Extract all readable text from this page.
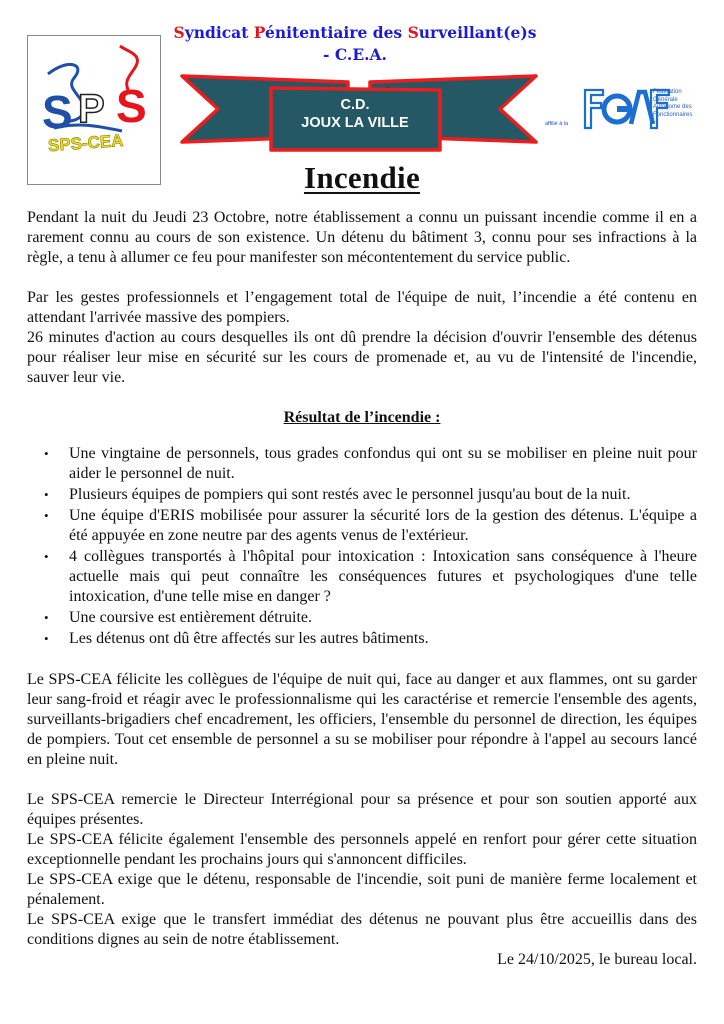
S P S
SPS-CEA
Syndicat Pénitentiaire des Surveillant(e)s
- C.E.A.
C.D.
JOUX LA VILLE	affilié à la
Fédération
Générale
Autonome des
Fonctionnaires
Incendie

Pendant la nuit du Jeudi 23 Octobre, notre établissement a connu un puissant incendie comme il en a rarement connu au cours de son existence. Un détenu du bâtiment 3, connu pour ses infractions à la règle, a tenu à allumer ce feu pour manifester son mécontentement du service public.

Par les gestes professionnels et l’engagement total de l'équipe de nuit, l’incendie a été contenu en attendant l'arrivée massive des pompiers.

26 minutes d'action au cours desquelles ils ont dû prendre la décision d'ouvrir l'ensemble des détenus pour réaliser leur mise en sécurité sur les cours de promenade et, au vu de l'intensité de l'incendie, sauver leur vie.

Résultat de l’incendie :

• Une vingtaine de personnels, tous grades confondus qui ont su se mobiliser en pleine nuit pour aider le personnel de nuit.
• Plusieurs équipes de pompiers qui sont restés avec le personnel jusqu'au bout de la nuit.
• Une équipe d'ERIS mobilisée pour assurer la sécurité lors de la gestion des détenus. L'équipe a été appuyée en zone neutre par des agents venus de l'extérieur.
• 4 collègues transportés à l'hôpital pour intoxication : Intoxication sans conséquence à l'heure actuelle mais qui peut connaître les conséquences futures et psychologiques d'une telle intoxication, d'une telle mise en danger ?
• Une coursive est entièrement détruite.
• Les détenus ont dû être affectés sur les autres bâtiments.

Le SPS-CEA félicite les collègues de l'équipe de nuit qui, face au danger et aux flammes, ont su garder leur sang-froid et réagir avec le professionnalisme qui les caractérise et remercie l'ensemble des agents, surveillants-brigadiers chef encadrement, les officiers, l'ensemble du personnel de direction, les équipes de pompiers. Tout cet ensemble de personnel a su se mobiliser pour répondre à l'appel au secours lancé en pleine nuit.

Le SPS-CEA remercie le Directeur Interrégional pour sa présence et pour son soutien apporté aux équipes présentes.

Le SPS-CEA félicite également l'ensemble des personnels appelé en renfort pour gérer cette situation exceptionnelle pendant les prochains jours qui s'annoncent difficiles.

Le SPS-CEA exige que le détenu, responsable de l'incendie, soit puni de manière ferme localement et pénalement.

Le SPS-CEA exige que le transfert immédiat des détenus ne pouvant plus être accueillis dans des conditions dignes au sein de notre établissement.

Le 24/10/2025, le bureau local.
